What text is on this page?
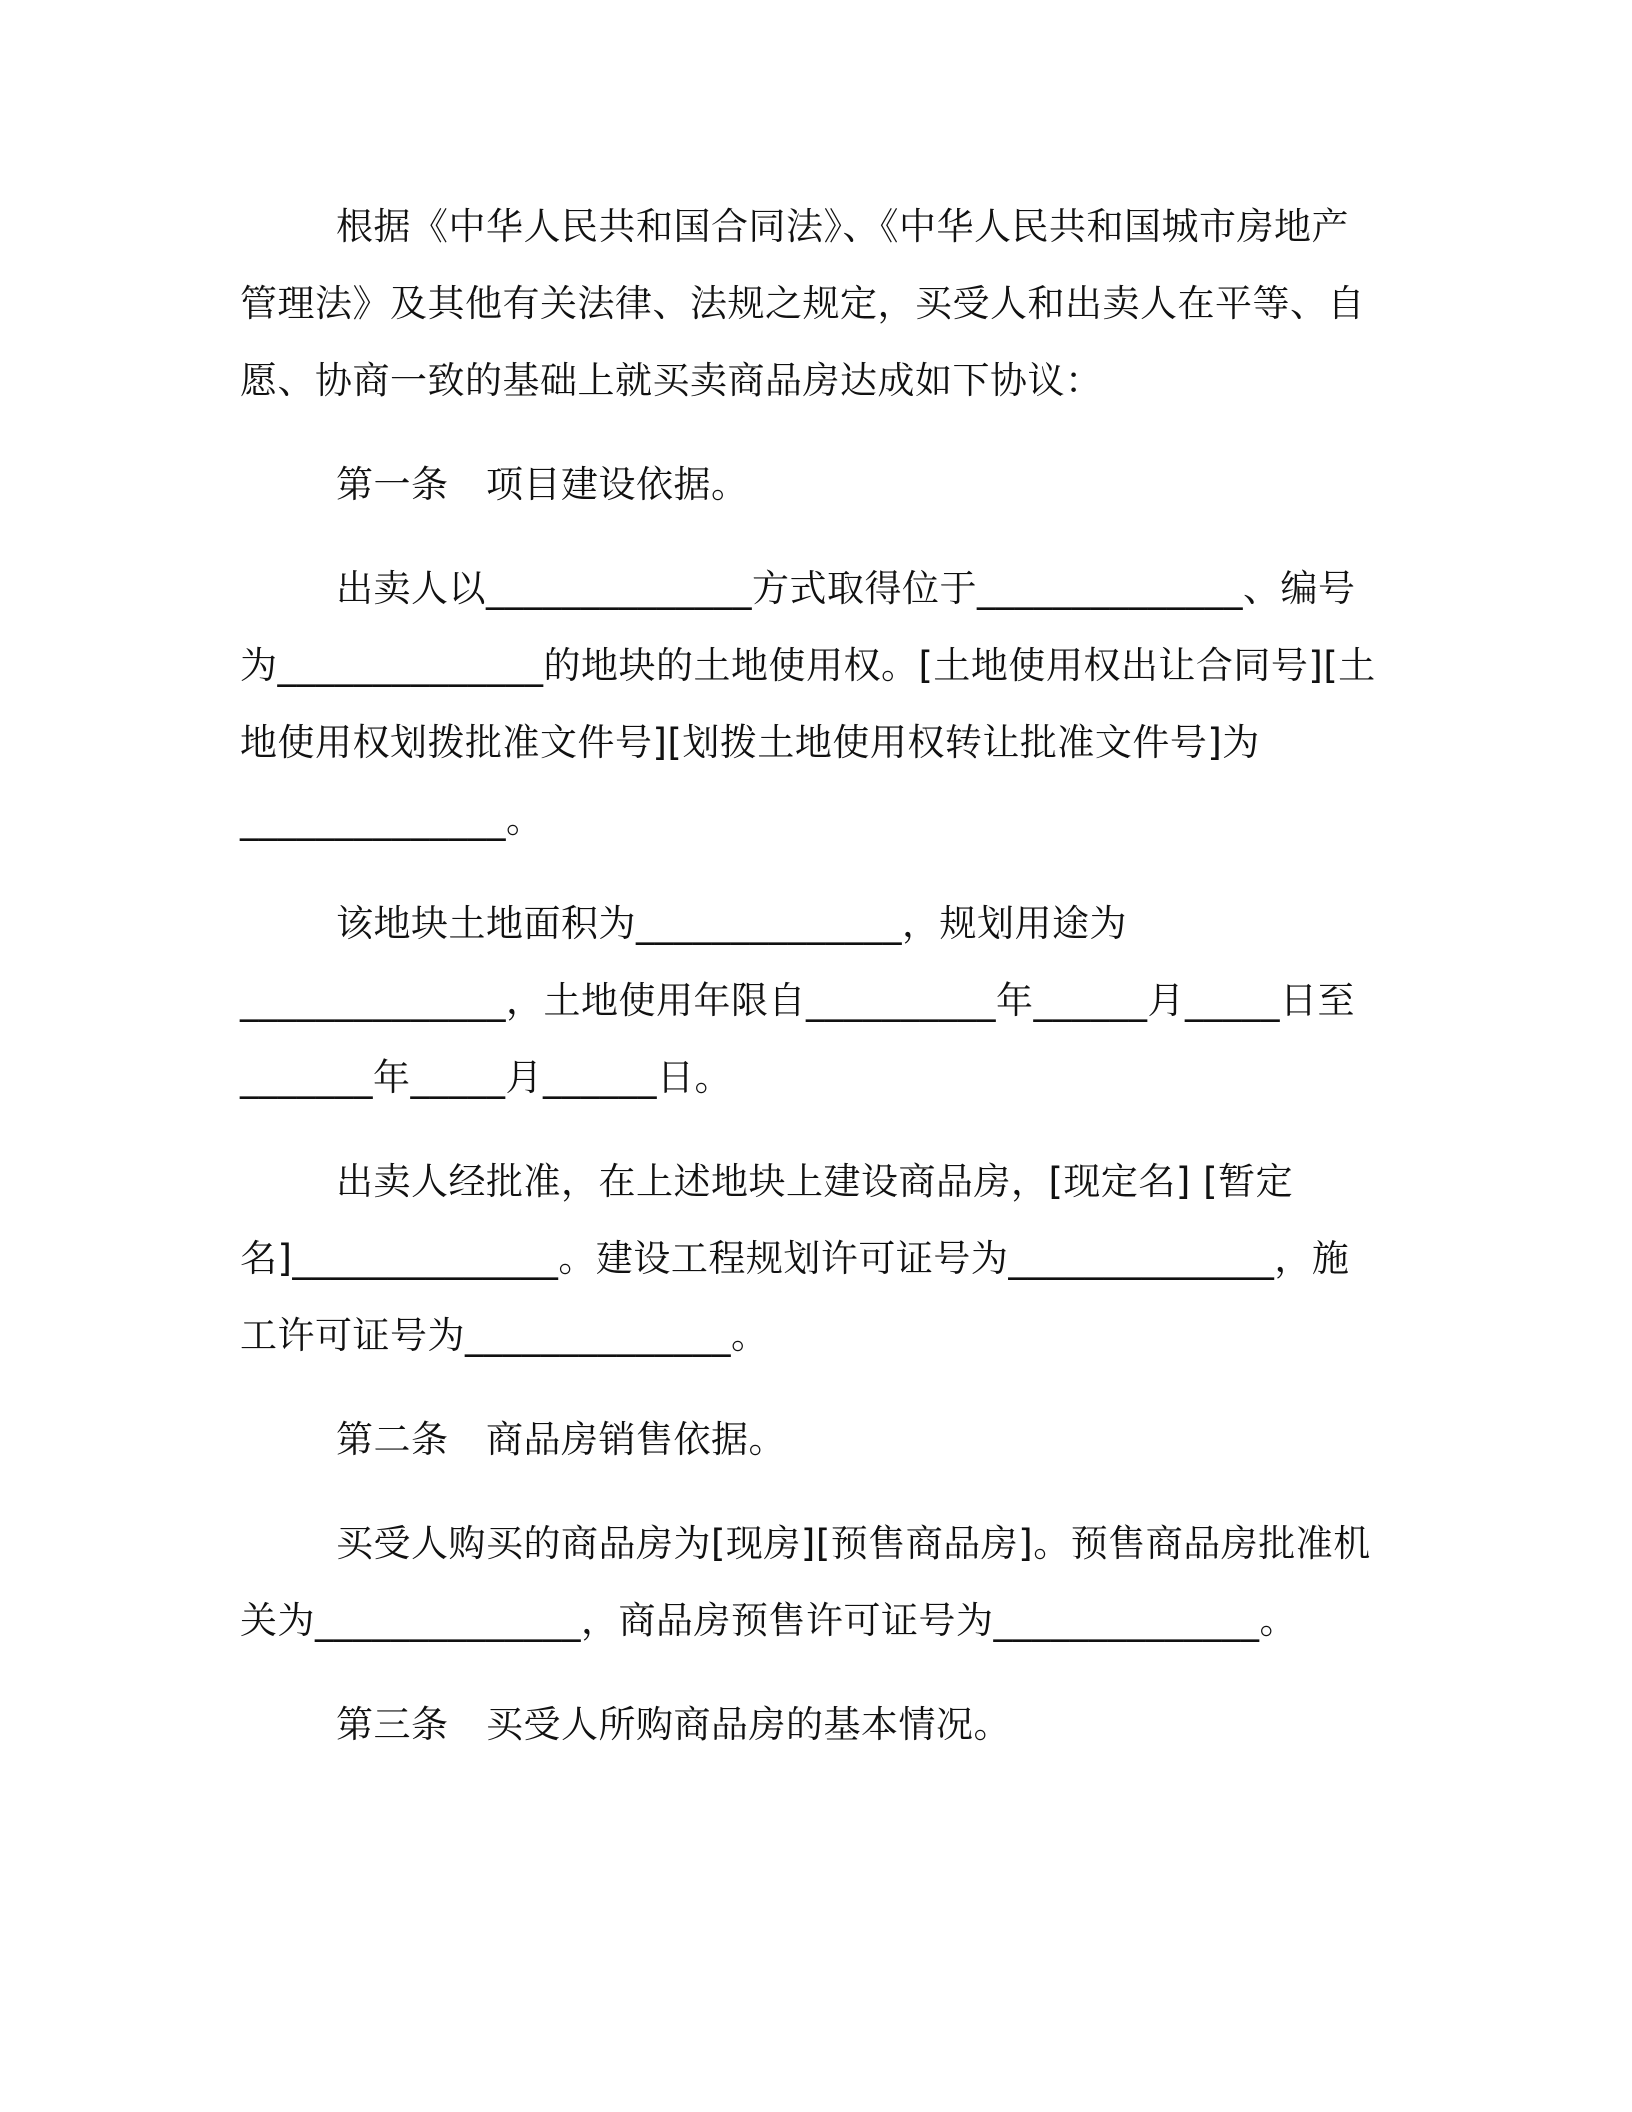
根据《中华人民共和国合同法》、《中华人民共和国城市房地产
管理法》及其他有关法律、法规之规定，买受人和出卖人在平等、自
愿、协商一致的基础上就买卖商品房达成如下协议：

第一条　项目建设依据。

出卖人以______________方式取得位于______________、编号
为______________的地块的土地使用权。[土地使用权出让合同号][土
地使用权划拨批准文件号][划拨土地使用权转让批准文件号]为
______________。

该地块土地面积为______________，规划用途为
______________，土地使用年限自__________年______月_____日至
_______年_____月______日。

出卖人经批准，在上述地块上建设商品房，[现定名] [暂定
名]______________。建设工程规划许可证号为______________，施
工许可证号为______________。

第二条　商品房销售依据。

买受人购买的商品房为[现房][预售商品房]。预售商品房批准机
关为______________，商品房预售许可证号为______________。

第三条　买受人所购商品房的基本情况。
